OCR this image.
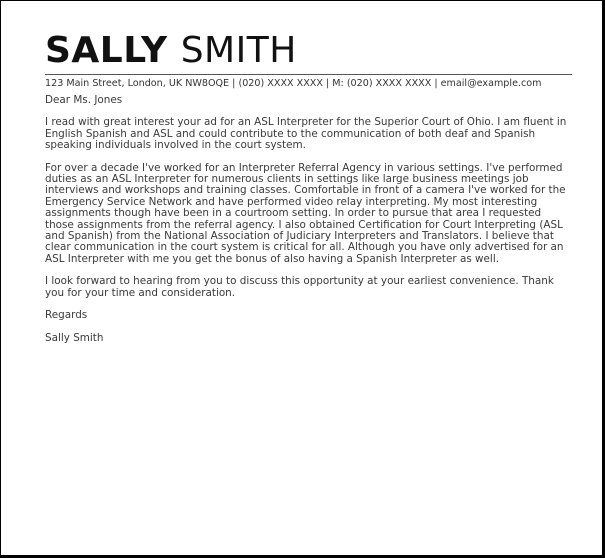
SALLY SMITH
123 Main Street, London, UK NW8OQE | (020) XXXX XXXX | M: (020) XXXX XXXX | email@example.com
Dear Ms. Jones

I read with great interest your ad for an ASL Interpreter for the Superior Court of Ohio. I am fluent in English Spanish and ASL and could contribute to the communication of both deaf and Spanish speaking individuals involved in the court system.

For over a decade I've worked for an Interpreter Referral Agency in various settings. I've performed duties as an ASL Interpreter for numerous clients in settings like large business meetings job interviews and workshops and training classes. Comfortable in front of a camera I've worked for the Emergency Service Network and have performed video relay interpreting. My most interesting assignments though have been in a courtroom setting. In order to pursue that area I requested those assignments from the referral agency. I also obtained Certification for Court Interpreting (ASL and Spanish) from the National Association of Judiciary Interpreters and Translators. I believe that clear communication in the court system is critical for all. Although you have only advertised for an ASL Interpreter with me you get the bonus of also having a Spanish Interpreter as well.

I look forward to hearing from you to discuss this opportunity at your earliest convenience. Thank you for your time and consideration.

Regards
Sally Smith
